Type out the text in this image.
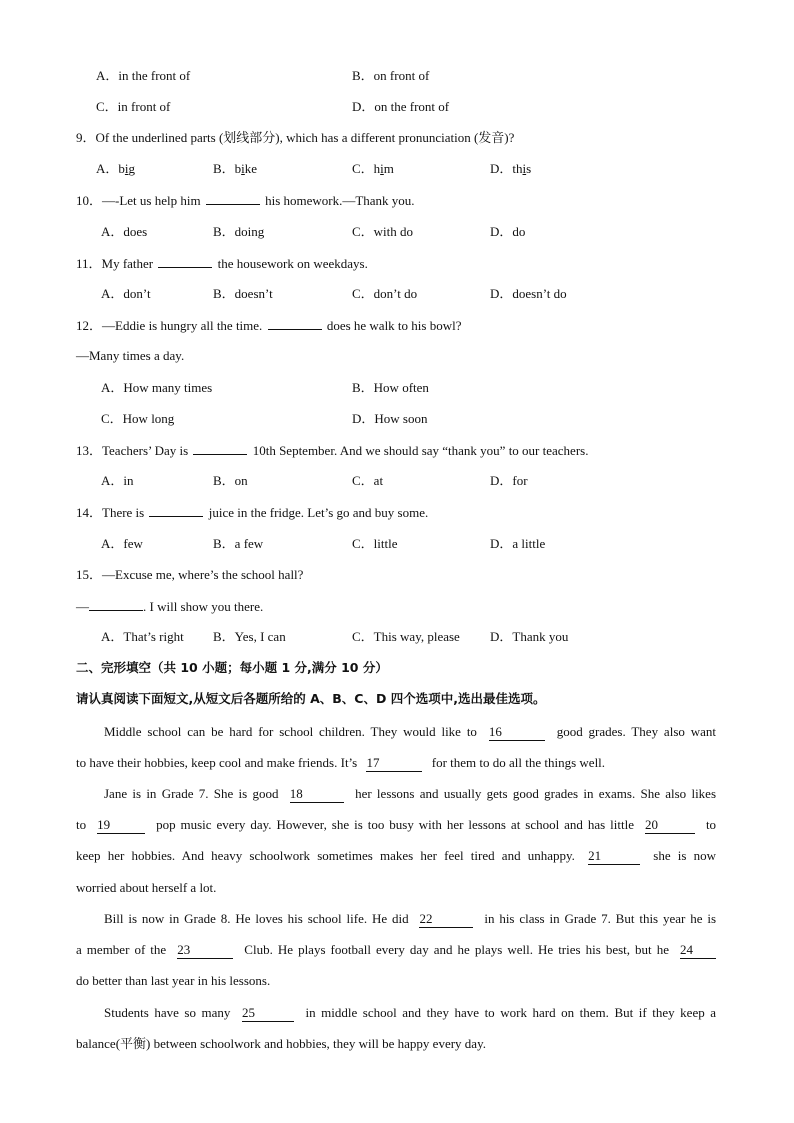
A．in the front of	B．on front of
C．in front of	D．on the front of
9．Of the underlined parts (划线部分), which has a different pronunciation (发音)?
A．big	B．bike	C．him	D．this
10．—-Let us help him	his homework.—Thank you.
A．does	B．doing	C．with do	D．do
11．My father	the housework on weekdays.
A．don’t	B．doesn’t	C．don’t do	D．doesn’t do
12．—Eddie is hungry all the time.	does he walk to his bowl?
—Many times a day.
A．How many times	B．How often
C．How long	D．How soon
13．Teachers’ Day is	10th September. And we should say “thank you” to our teachers.
A．in	B．on	C．at	D．for
14．There is	juice in the fridge. Let’s go and buy some.
A．few	B．a few	C．little	D．a little
15．—Excuse me, where’s the school hall?
—	. I will show you there.
A．That’s right B．Yes, I can	C．This way, please D．Thank you
二、完形填空（共 10 小题；每小题 1 分,满分 10 分）
请认真阅读下面短文,从短文后各题所给的 A、B、C、D 四个选项中,选出最佳选项。
Middle school can be hard for school children. They would like to 16	good grades. They also want
to have their hobbies, keep cool and make friends. It’s 17	for them to do all the things well.
Jane is in Grade 7. She is good 18	her lessons and usually gets good grades in exams. She also likes
to 19	pop music every day. However, she is too busy with her lessons at school and has little 20	to
keep her hobbies. And heavy schoolwork sometimes makes her feel tired and unhappy. 21	she is now
worried about herself a lot.
Bill is now in Grade 8. He loves his school life. He did 22	in his class in Grade 7. But this year he is
a member of the 23	Club. He plays football every day and he plays well. He tries his best, but he 24
do better than last year in his lessons.
Students have so many 25	in middle school and they have to work hard on them. But if they keep a
balance(平衡) between schoolwork and hobbies, they will be happy every day.
